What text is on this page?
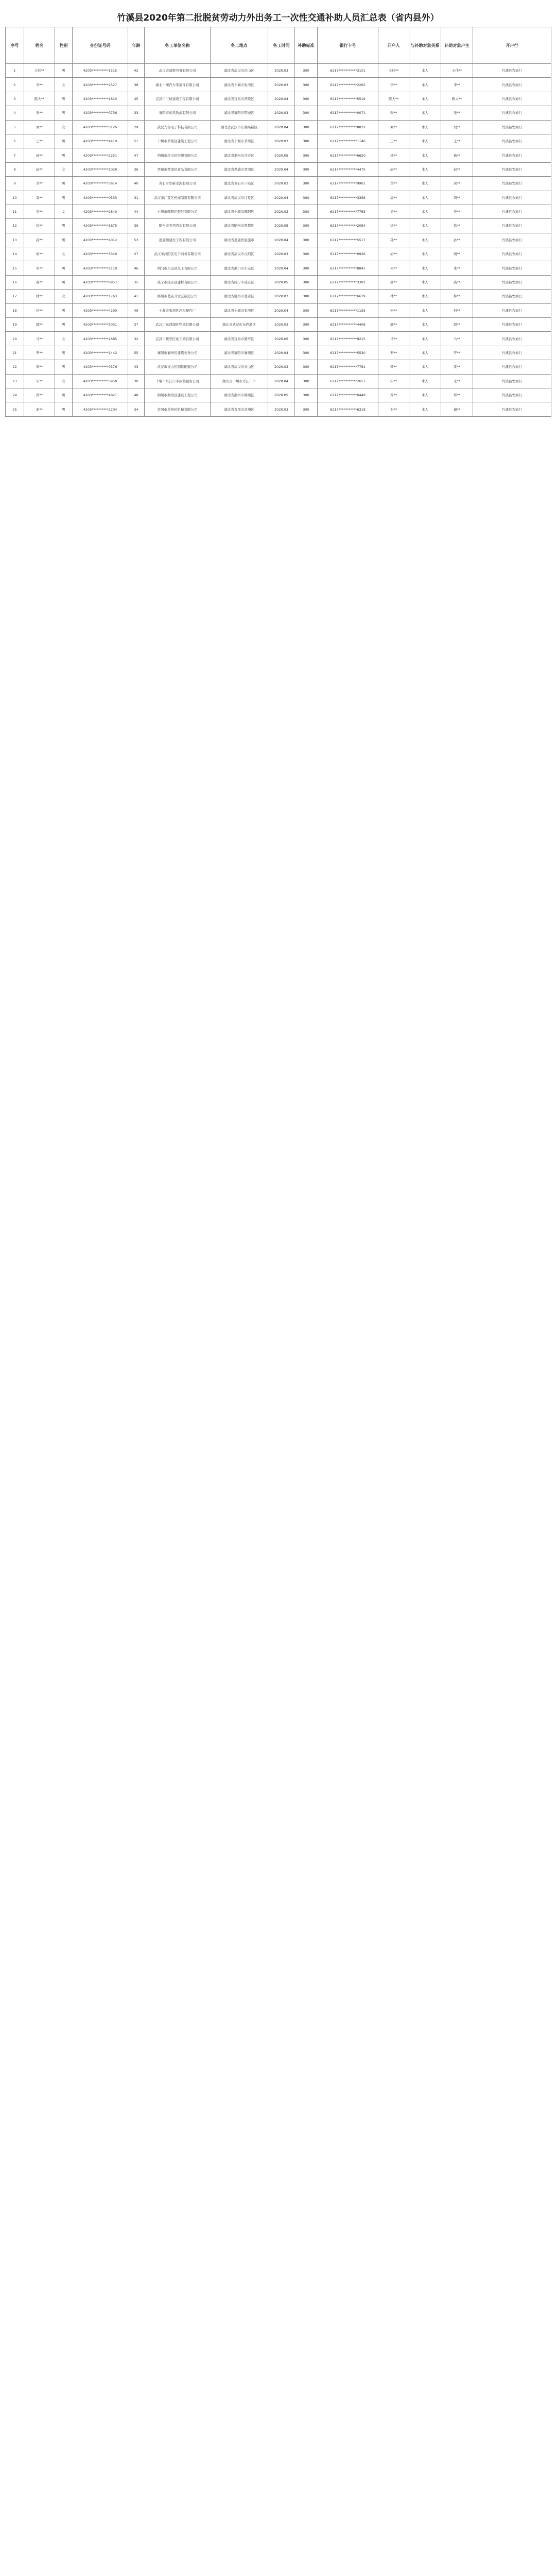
竹溪县2020年第二批脱贫劳动力外出务工一次性交通补助人员汇总表（省内县外）
序号	姓名	性别	身份证号码	年龄	务工单位名称	务工地点	务工时间	补助标准	银行卡号	开户人	与补助对象关系	补助对象户主	开户行
1	王伟**	男	4203**********1515	42	武汉市建筑劳务有限公司	湖北省武汉市洪山区	2020.03	300	6217***********3101	王伟**	本人	王伟**	竹溪县农商行
2	李**	女	4203**********2527	38	湖北十堰汽车零部件有限公司	湖北省十堰市张湾区	2020.03	300	6217***********2262	李**	本人	李**	竹溪县农商行
3	陈大**	男	4203**********1810	45	宜昌市三峡建设工程有限公司	湖北省宜昌市西陵区	2020.04	300	6217***********5519	陈大**	本人	陈大**	竹溪县农商行
4	张**	男	4203**********0736	33	襄阳市东风物流有限公司	湖北省襄阳市樊城区	2020.03	300	6217***********0071	张**	本人	张**	竹溪县农商行
5	刘**	女	4203**********3126	29	武汉光谷电子科技有限公司	湖北省武汉市东湖高新区	2020.04	300	6217***********8832	刘**	本人	刘**	竹溪县农商行
6	王**	男	4203**********4419	51	十堰市茅箭区建筑工程公司	湖北省十堰市茅箭区	2020.03	300	6217***********1146	王**	本人	王**	竹溪县农商行
7	杨**	男	4203**********2251	47	荆州市沙市区纺织有限公司	湖北省荆州市沙市区	2020.05	300	6217***********6620	杨**	本人	杨**	竹溪县农商行
8	赵**	女	4203**********1028	36	孝感市孝南区食品有限公司	湖北省孝感市孝南区	2020.04	300	6217***********4475	赵**	本人	赵**	竹溪县农商行
9	黄**	男	4203**********3614	40	黄石市华新水泥有限公司	湖北省黄石市下陆区	2020.03	300	6217***********9901	黄**	本人	黄**	竹溪县农商行
10	周**	男	4203**********0533	31	武汉市江夏区机械制造有限公司	湖北省武汉市江夏区	2020.04	300	6217***********3358	周**	本人	周**	竹溪县农商行
11	吴**	女	4203**********2840	44	十堰市郧阳区服装有限公司	湖北省十堰市郧阳区	2020.03	300	6217***********7763	吴**	本人	吴**	竹溪县农商行
12	徐**	男	4203**********1675	39	随州市专用汽车有限公司	湖北省随州市曾都区	2020.05	300	6217***********2084	徐**	本人	徐**	竹溪县农商行
13	孙**	男	4203**********4012	53	恩施州建设工程有限公司	湖北省恩施州恩施市	2020.04	300	6217***********5517	孙**	本人	孙**	竹溪县农商行
14	胡**	女	4203**********3349	27	武汉市汉阳区电子商务有限公司	湖北省武汉市汉阳区	2020.03	300	6217***********0926	胡**	本人	胡**	竹溪县农商行
15	朱**	男	4203**********2118	46	荆门市东宝区化工有限公司	湖北省荆门市东宝区	2020.04	300	6217***********8841	朱**	本人	朱**	竹溪县农商行
16	高**	男	4203**********0957	35	咸宁市咸安区建材有限公司	湖北省咸宁市咸安区	2020.05	300	6217***********3302	高**	本人	高**	竹溪县农商行
17	林**	女	4203**********1763	41	鄂州市葛店开发区制造公司	湖北省鄂州市葛店区	2020.03	300	6217***********6679	林**	本人	林**	竹溪县农商行
18	何**	男	4203**********4290	49	十堰市张湾区汽车配件厂	湖北省十堰市张湾区	2020.04	300	6217***********1193	何**	本人	何**	竹溪县农商行
19	郭**	男	4203**********3031	37	武汉市东西湖区物流有限公司	湖北省武汉市东西湖区	2020.03	300	6217***********4408	郭**	本人	郭**	竹溪县农商行
20	马**	女	4203**********2685	32	宜昌市猇亭区化工园有限公司	湖北省宜昌市猇亭区	2020.05	300	6217***********9215	马**	本人	马**	竹溪县农商行
21	罗**	男	4203**********1442	55	襄阳市襄州区建筑劳务公司	湖北省襄阳市襄州区	2020.04	300	6217***********5530	罗**	本人	罗**	竹溪县农商行
22	梁**	男	4203**********0376	43	武汉市青山区钢铁配套公司	湖北省武汉市青山区	2020.03	300	6217***********7781	梁**	本人	梁**	竹溪县农商行
23	宋**	女	4203**********3958	30	十堰市丹江口市旅游服务公司	湖北省十堰市丹江口市	2020.04	300	6217***********2657	宋**	本人	宋**	竹溪县农商行
24	郑**	男	4203**********4821	48	荆州市荆州区建设工程公司	湖北省荆州市荆州区	2020.05	300	6217***********0449	郑**	本人	郑**	竹溪县农商行
25	谢**	男	4203**********2204	34	黄冈市黄州区机械有限公司	湖北省黄冈市黄州区	2020.03	300	6217***********6318	谢**	本人	谢**	竹溪县农商行
